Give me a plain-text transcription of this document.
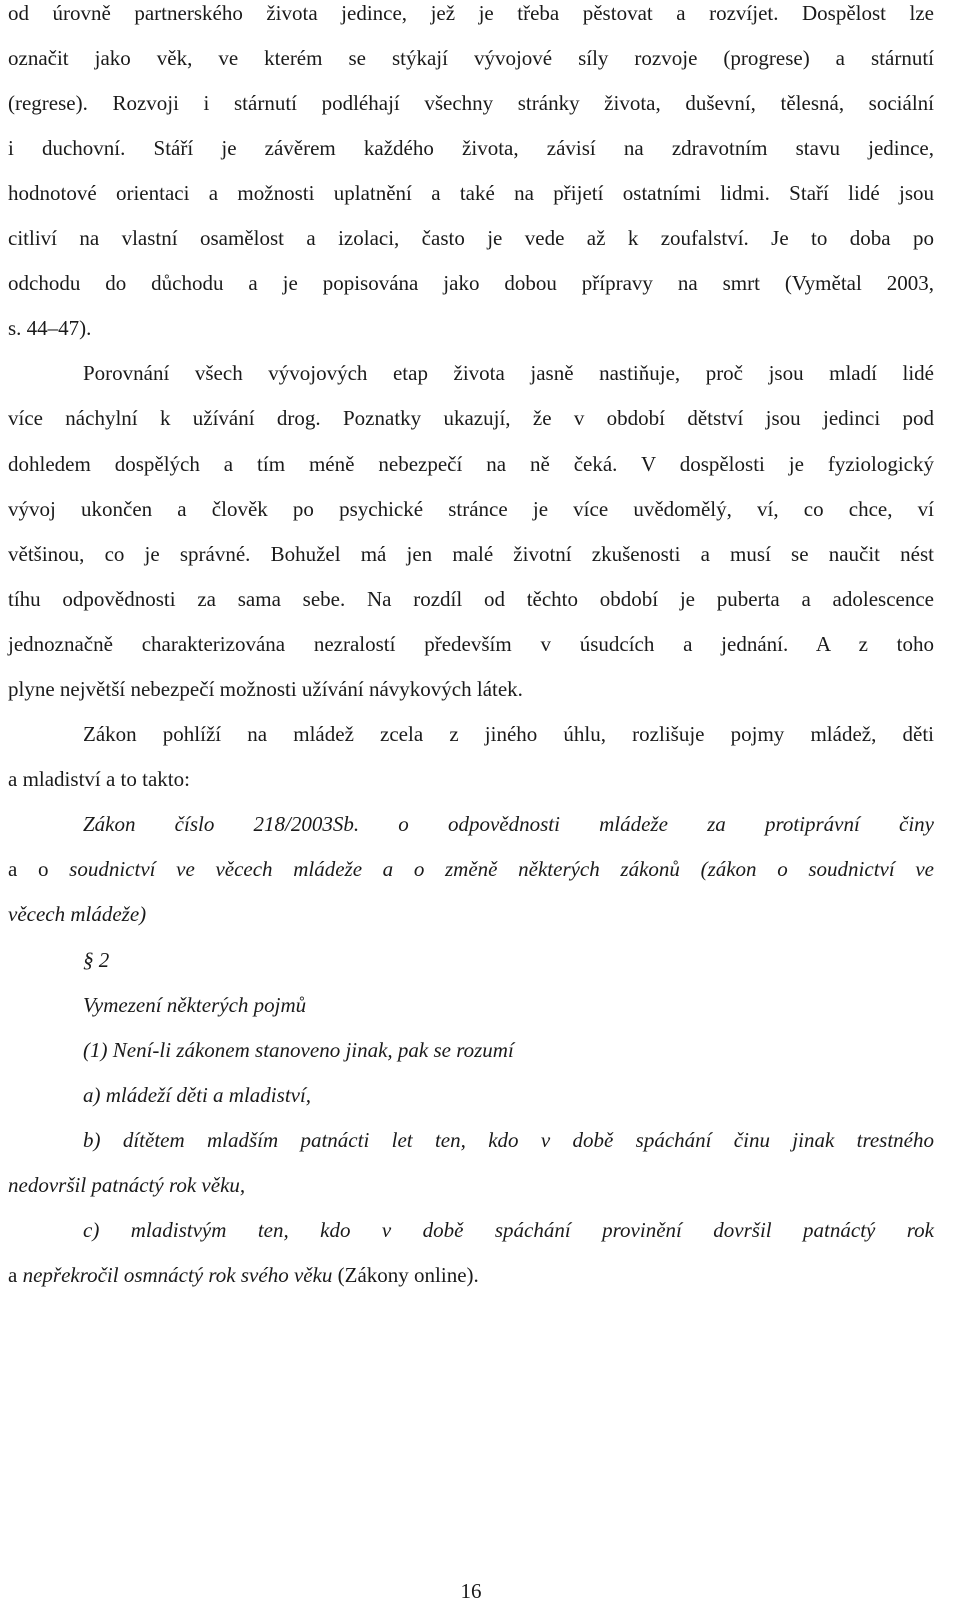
od úrovně partnerského života jedince, jež je třeba pěstovat a rozvíjet. Dospělost lze
označit jako věk, ve kterém se stýkají vývojové síly rozvoje (progrese) a stárnutí
(regrese). Rozvoji i stárnutí podléhají všechny stránky života, duševní, tělesná, sociální
i duchovní. Stáří je závěrem každého života, závisí na zdravotním stavu jedince,
hodnotové orientaci a možnosti uplatnění a také na přijetí ostatními lidmi. Staří lidé jsou
citliví na vlastní osamělost a izolaci, často je vede až k zoufalství. Je to doba po
odchodu do důchodu a je popisována jako dobou přípravy na smrt (Vymětal 2003,
s. 44–47).
Porovnání všech vývojových etap života jasně nastiňuje, proč jsou mladí lidé
více náchylní k užívání drog. Poznatky ukazují, že v období dětství jsou jedinci pod
dohledem dospělých a tím méně nebezpečí na ně čeká. V dospělosti je fyziologický
vývoj ukončen a člověk po psychické stránce je více uvědomělý, ví, co chce, ví
většinou, co je správné. Bohužel má jen malé životní zkušenosti a musí se naučit nést
tíhu odpovědnosti za sama sebe. Na rozdíl od těchto období je puberta a adolescence
jednoznačně charakterizována nezralostí především v úsudcích a jednání. A z toho
plyne největší nebezpečí možnosti užívání návykových látek.
Zákon pohlíží na mládež zcela z jiného úhlu, rozlišuje pojmy mládež, děti
a mladiství a to takto:
Zákon číslo 218/2003Sb. o odpovědnosti mládeže za protiprávní činy
a o soudnictví ve věcech mládeže a o změně některých zákonů (zákon o soudnictví ve
věcech mládeže)
§ 2
Vymezení některých pojmů
(1) Není-li zákonem stanoveno jinak, pak se rozumí
a) mládeží děti a mladiství,
b) dítětem mladším patnácti let ten, kdo v době spáchání činu jinak trestného
nedovršil patnáctý rok věku,
c) mladistvým ten, kdo v době spáchání provinění dovršil patnáctý rok
a nepřekročil osmnáctý rok svého věku (Zákony online).
16
